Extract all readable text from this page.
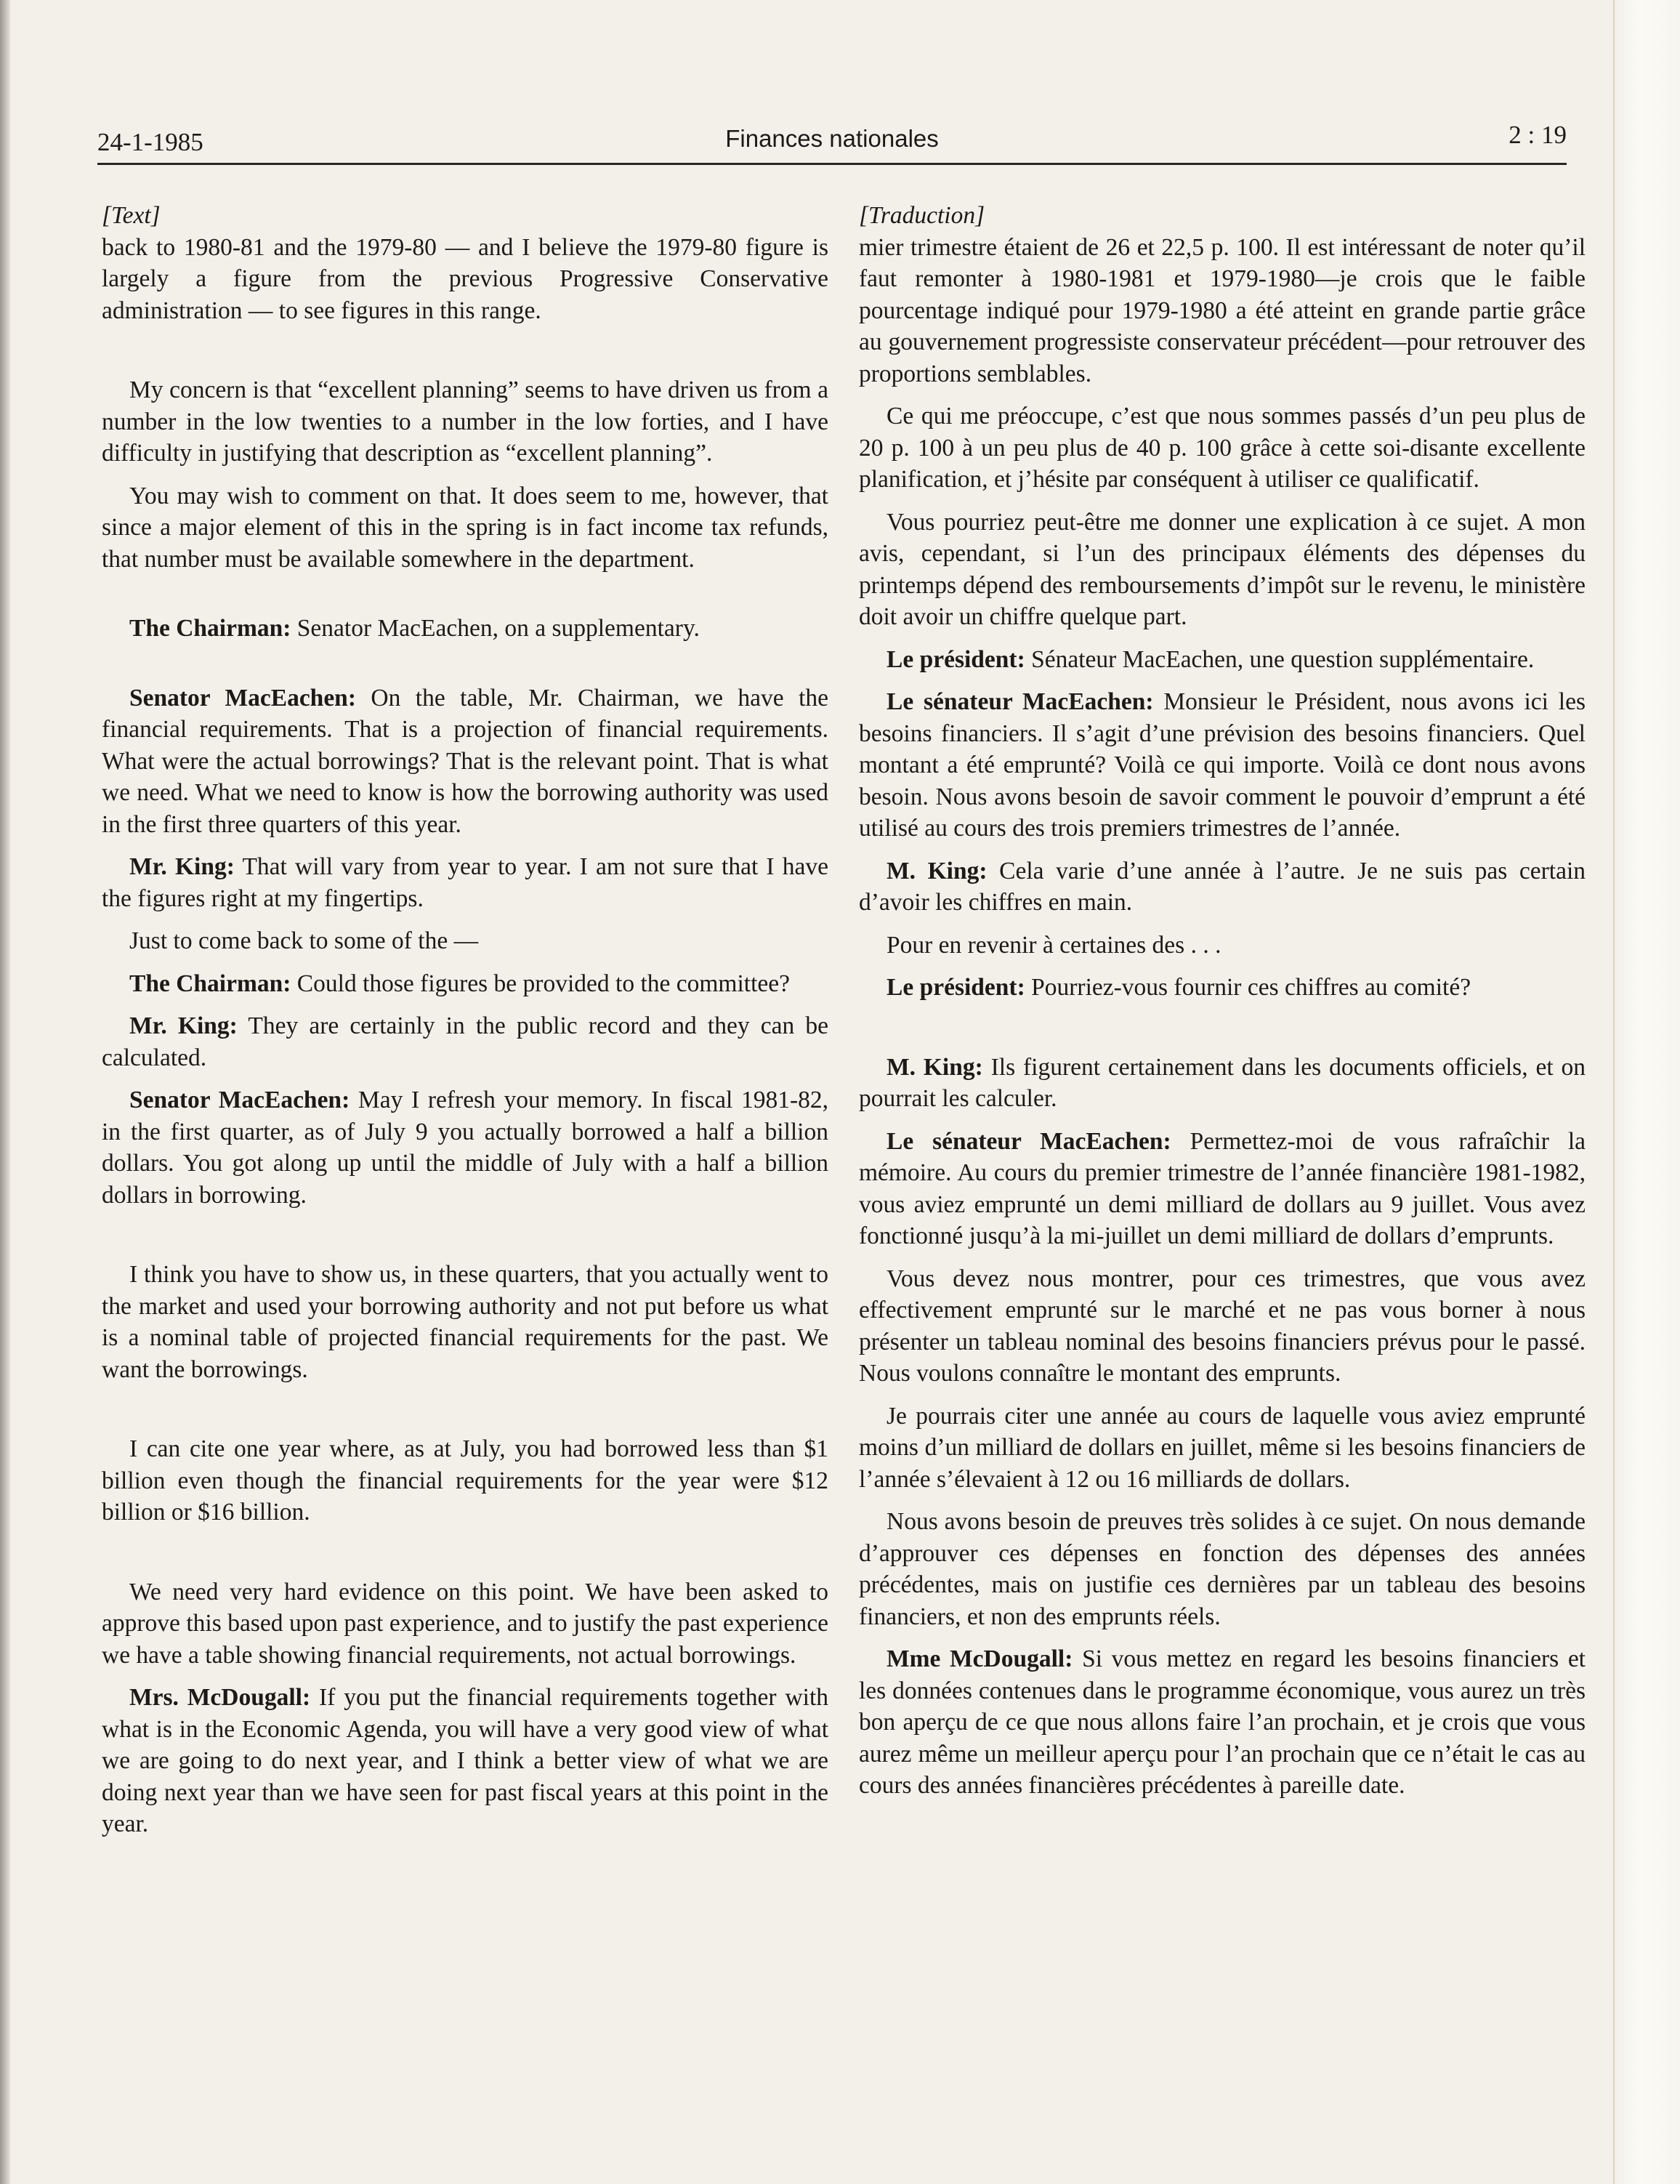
24-1-1985	Finances nationales	2 : 19

[Text]

back to 1980-81 and the 1979-80 — and I believe the 1979-80 figure is largely a figure from the previous Progressive Conservative administration — to see figures in this range.

My concern is that “excellent planning” seems to have driven us from a number in the low twenties to a number in the low forties, and I have difficulty in justifying that description as “excellent planning”.

You may wish to comment on that. It does seem to me, however, that since a major element of this in the spring is in fact income tax refunds, that number must be available somewhere in the department.

The Chairman: Senator MacEachen, on a supplementary.

Senator MacEachen: On the table, Mr. Chairman, we have the financial requirements. That is a projection of financial requirements. What were the actual borrowings? That is the relevant point. That is what we need. What we need to know is how the borrowing authority was used in the first three quarters of this year.

Mr. King: That will vary from year to year. I am not sure that I have the figures right at my fingertips.

Just to come back to some of the —

The Chairman: Could those figures be provided to the committee?

Mr. King: They are certainly in the public record and they can be calculated.

Senator MacEachen: May I refresh your memory. In fiscal 1981-82, in the first quarter, as of July 9 you actually borrowed a half a billion dollars. You got along up until the middle of July with a half a billion dollars in borrowing.

I think you have to show us, in these quarters, that you actually went to the market and used your borrowing authority and not put before us what is a nominal table of projected financial requirements for the past. We want the borrowings.

I can cite one year where, as at July, you had borrowed less than $1 billion even though the financial requirements for the year were $12 billion or $16 billion.

We need very hard evidence on this point. We have been asked to approve this based upon past experience, and to justify the past experience we have a table showing financial requirements, not actual borrowings.

Mrs. McDougall: If you put the financial requirements together with what is in the Economic Agenda, you will have a very good view of what we are going to do next year, and I think a better view of what we are doing next year than we have seen for past fiscal years at this point in the year.

[Traduction]

mier trimestre étaient de 26 et 22,5 p. 100. Il est intéressant de noter qu’il faut remonter à 1980-1981 et 1979-1980—je crois que le faible pourcentage indiqué pour 1979-1980 a été atteint en grande partie grâce au gouvernement progressiste conservateur précédent—pour retrouver des proportions semblables.

Ce qui me préoccupe, c’est que nous sommes passés d’un peu plus de 20 p. 100 à un peu plus de 40 p. 100 grâce à cette soi-disante excellente planification, et j’hésite par conséquent à utiliser ce qualificatif.

Vous pourriez peut-être me donner une explication à ce sujet. A mon avis, cependant, si l’un des principaux éléments des dépenses du printemps dépend des remboursements d’impôt sur le revenu, le ministère doit avoir un chiffre quelque part.

Le président: Sénateur MacEachen, une question supplémentaire.

Le sénateur MacEachen: Monsieur le Président, nous avons ici les besoins financiers. Il s’agit d’une prévision des besoins financiers. Quel montant a été emprunté? Voilà ce qui importe. Voilà ce dont nous avons besoin. Nous avons besoin de savoir comment le pouvoir d’emprunt a été utilisé au cours des trois premiers trimestres de l’année.

M. King: Cela varie d’une année à l’autre. Je ne suis pas certain d’avoir les chiffres en main.

Pour en revenir à certaines des . . .

Le président: Pourriez-vous fournir ces chiffres au comité?

M. King: Ils figurent certainement dans les documents officiels, et on pourrait les calculer.

Le sénateur MacEachen: Permettez-moi de vous rafraîchir la mémoire. Au cours du premier trimestre de l’année financière 1981-1982, vous aviez emprunté un demi milliard de dollars au 9 juillet. Vous avez fonctionné jusqu’à la mi-juillet un demi milliard de dollars d’emprunts.

Vous devez nous montrer, pour ces trimestres, que vous avez effectivement emprunté sur le marché et ne pas vous borner à nous présenter un tableau nominal des besoins financiers prévus pour le passé. Nous voulons connaître le montant des emprunts.

Je pourrais citer une année au cours de laquelle vous aviez emprunté moins d’un milliard de dollars en juillet, même si les besoins financiers de l’année s’élevaient à 12 ou 16 milliards de dollars.

Nous avons besoin de preuves très solides à ce sujet. On nous demande d’approuver ces dépenses en fonction des dépenses des années précédentes, mais on justifie ces dernières par un tableau des besoins financiers, et non des emprunts réels.

Mme McDougall: Si vous mettez en regard les besoins financiers et les données contenues dans le programme économique, vous aurez un très bon aperçu de ce que nous allons faire l’an prochain, et je crois que vous aurez même un meilleur aperçu pour l’an prochain que ce n’était le cas au cours des années financières précédentes à pareille date.
